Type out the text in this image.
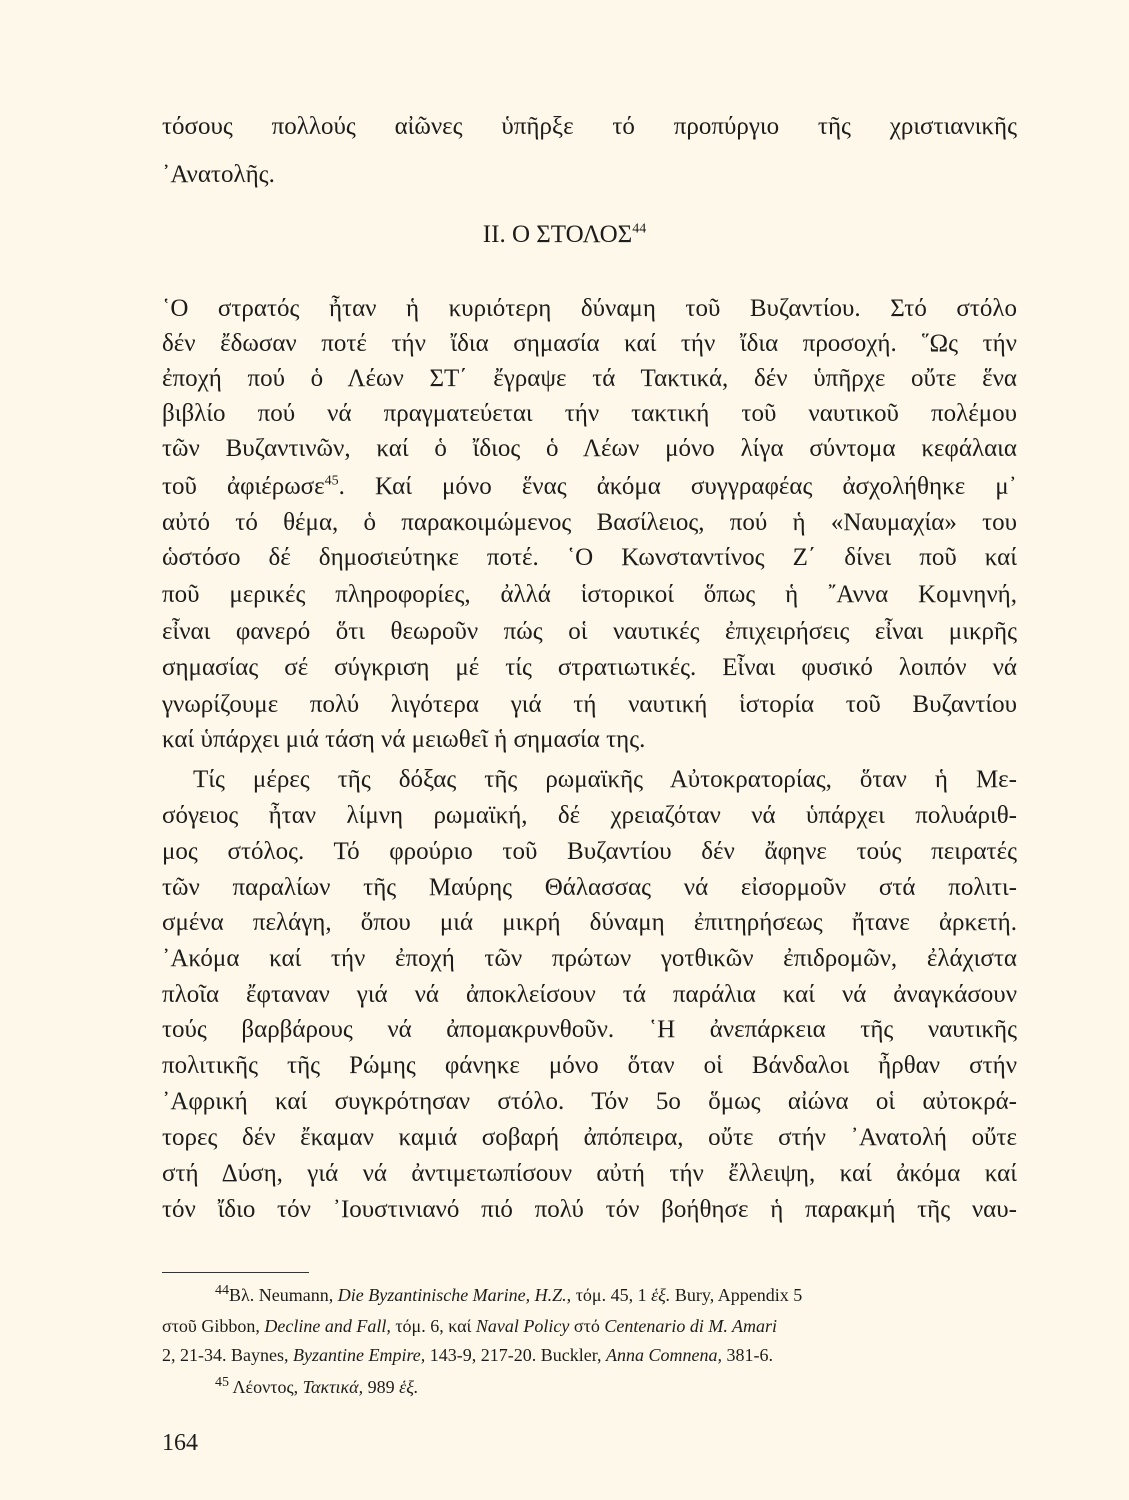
τόσους πολλούς αἰῶνες ὑπῆρξε τό προπύργιο τῆς χριστιανικῆς
᾿Ανατολῆς.
II. Ο ΣΤΟΛΟΣ$^{44}$
῾Ο στρατός ἦταν ἡ κυριότερη δύναμη τοῦ Βυζαντίου. Στό στόλο
δέν ἔδωσαν ποτέ τήν ἴδια σημασία καί τήν ἴδια προσοχή. ῞Ως τήν
ἐποχή πού ὁ Λέων ΣΤ΄ ἔγραψε τά Τακτικά, δέν ὑπῆρχε οὔτε ἕνα
βιβλίο πού νά πραγματεύεται τήν τακτική τοῦ ναυτικοῦ πολέμου
τῶν Βυζαντινῶν, καί ὁ ἴδιος ὁ Λέων μόνο λίγα σύντομα κεφάλαια
τοῦ ἀφιέρωσε$^{45}$. Καί μόνο ἕνας ἀκόμα συγγραφέας ἀσχολήθηκε μ᾿
αὐτό τό θέμα, ὁ παρακοιμώμενος Βασίλειος, πού ἡ «Ναυμαχία» του
ὡστόσο δέ δημοσιεύτηκε ποτέ. ῾Ο Κωνσταντίνος Ζ΄ δίνει ποῦ καί
ποῦ μερικές πληροφορίες, ἀλλά ἱστορικοί ὅπως ἡ ῎Αννα Κομνηνή,
εἶναι φανερό ὅτι θεωροῦν πώς οἱ ναυτικές ἐπιχειρήσεις εἶναι μικρῆς
σημασίας σέ σύγκριση μέ τίς στρατιωτικές. Εἶναι φυσικό λοιπόν νά
γνωρίζουμε πολύ λιγότερα γιά τή ναυτική ἱστορία τοῦ Βυζαντίου
καί ὑπάρχει μιά τάση νά μειωθεῖ ἡ σημασία της.
Τίς μέρες τῆς δόξας τῆς ρωμαϊκῆς Αὐτοκρατορίας, ὅταν ἡ Με-
σόγειος ἦταν λίμνη ρωμαϊκή, δέ χρειαζόταν νά ὑπάρχει πολυάριθ-
μος στόλος. Τό φρούριο τοῦ Βυζαντίου δέν ἄφηνε τούς πειρατές
τῶν παραλίων τῆς Μαύρης Θάλασσας νά εἰσορμοῦν στά πολιτι-
σμένα πελάγη, ὅπου μιά μικρή δύναμη ἐπιτηρήσεως ἤτανε ἀρκετή.
᾿Ακόμα καί τήν ἐποχή τῶν πρώτων γοτθικῶν ἐπιδρομῶν, ἐλάχιστα
πλοῖα ἔφταναν γιά νά ἀποκλείσουν τά παράλια καί νά ἀναγκάσουν
τούς βαρβάρους νά ἀπομακρυνθοῦν. ῾Η ἀνεπάρκεια τῆς ναυτικῆς
πολιτικῆς τῆς Ρώμης φάνηκε μόνο ὅταν οἱ Βάνδαλοι ἦρθαν στήν
᾿Αφρική καί συγκρότησαν στόλο. Τόν 5ο ὅμως αἰώνα οἱ αὐτοκρά-
τορες δέν ἔκαμαν καμιά σοβαρή ἀπόπειρα, οὔτε στήν ᾿Ανατολή οὔτε
στή Δύση, γιά νά ἀντιμετωπίσουν αὐτή τήν ἔλλειψη, καί ἀκόμα καί
τόν ἴδιο τόν ᾿Ιουστινιανό πιό πολύ τόν βοήθησε ἡ παρακμή τῆς ναυ-
$^{44}$Βλ. Neumann, Die Byzantinische Marine, H.Z., τόμ. 45, 1 ἑξ. Bury, Appendix 5
στοῦ Gibbon, Decline and Fall, τόμ. 6, καί Naval Policy στό Centenario di M. Amari
2, 21-34. Baynes, Byzantine Empire, 143-9, 217-20. Buckler, Anna Comnena, 381-6.
$^{45}$ Λέοντος, Τακτικά, 989 ἑξ.
164
